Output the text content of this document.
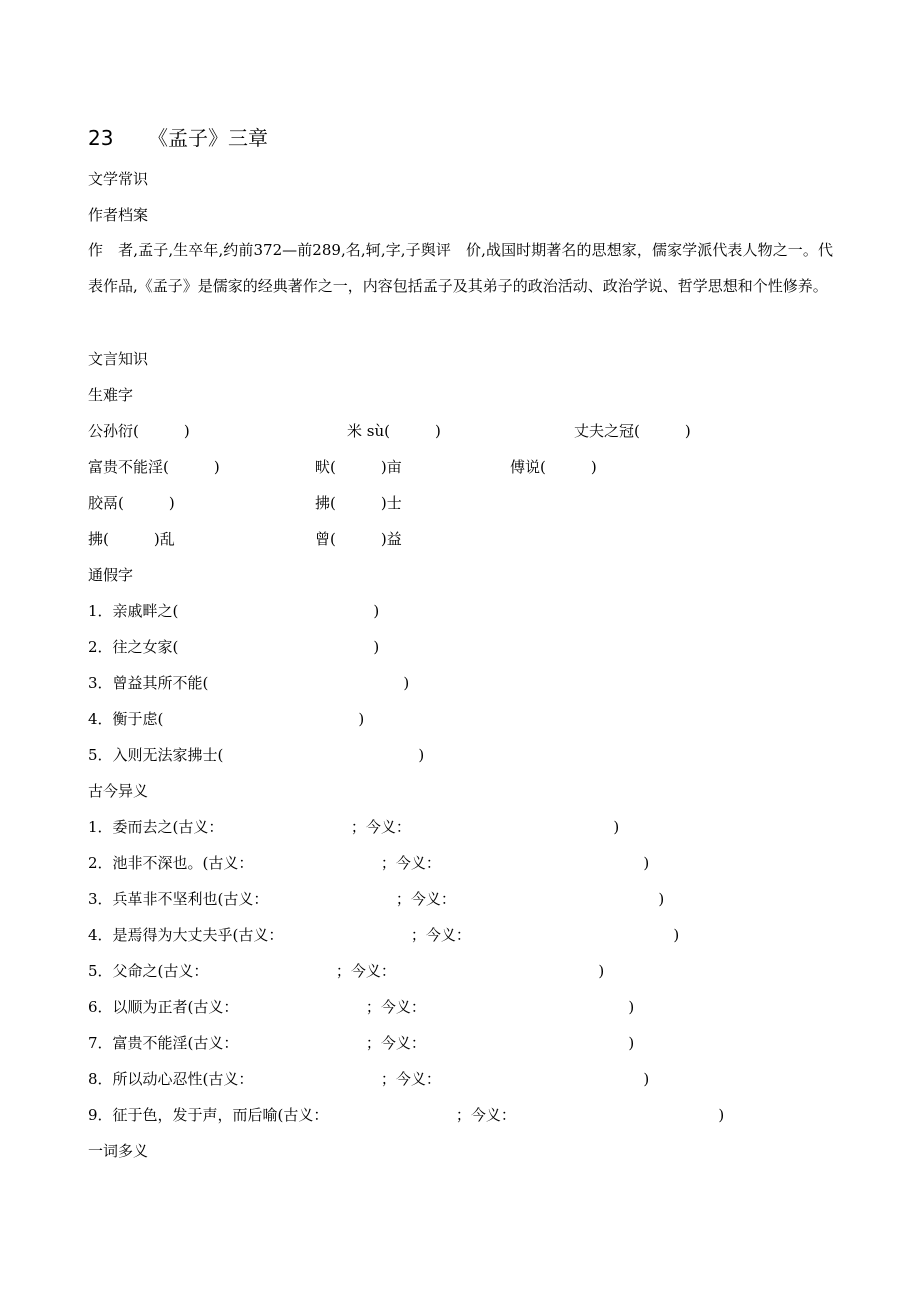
23 《孟子》三章
文学常识
作者档案
作　者,孟子,生卒年,约前372—前289,名,轲,字,子舆评　价,战国时期著名的思想家，儒家学派代表人物之一。代表作品,《孟子》是儒家的经典著作之一，内容包括孟子及其弟子的政治活动、政治学说、哲学思想和个性修养。
文言知识
生难字
公孙衍(　　　)	米 sù(　　　)	丈夫之冠(　　　)
富贵不能淫(　　　)	畎(　　　)亩	傅说(　　　)
胶鬲(　　　)	拂(　　　)士
拂(　　　)乱	曾(　　　)益
通假字
1．亲戚畔之(　　　　　　　　　　　　　)
2．往之女家(　　　　　　　　　　　　　)
3．曾益其所不能(　　　　　　　　　　　　　)
4．衡于虑(　　　　　　　　　　　　　)
5．入则无法家拂士(　　　　　　　　　　　　　)
古今异义
1．委而去之(古义：　　　　　　　　　；今义：　　　　　　　　　　　　　　)
2．池非不深也。(古义：　　　　　　　　　；今义：　　　　　　　　　　　　　　)
3．兵革非不坚利也(古义：　　　　　　　　　；今义：　　　　　　　　　　　　　　)
4．是焉得为大丈夫乎(古义：　　　　　　　　　；今义：　　　　　　　　　　　　　　)
5．父命之(古义：　　　　　　　　　；今义：　　　　　　　　　　　　　　)
6．以顺为正者(古义：　　　　　　　　　；今义：　　　　　　　　　　　　　　)
7．富贵不能淫(古义：　　　　　　　　　；今义：　　　　　　　　　　　　　　)
8．所以动心忍性(古义：　　　　　　　　　；今义：　　　　　　　　　　　　　　)
9．征于色，发于声，而后喻(古义：　　　　　　　　　；今义：　　　　　　　　　　　　　　)
一词多义
